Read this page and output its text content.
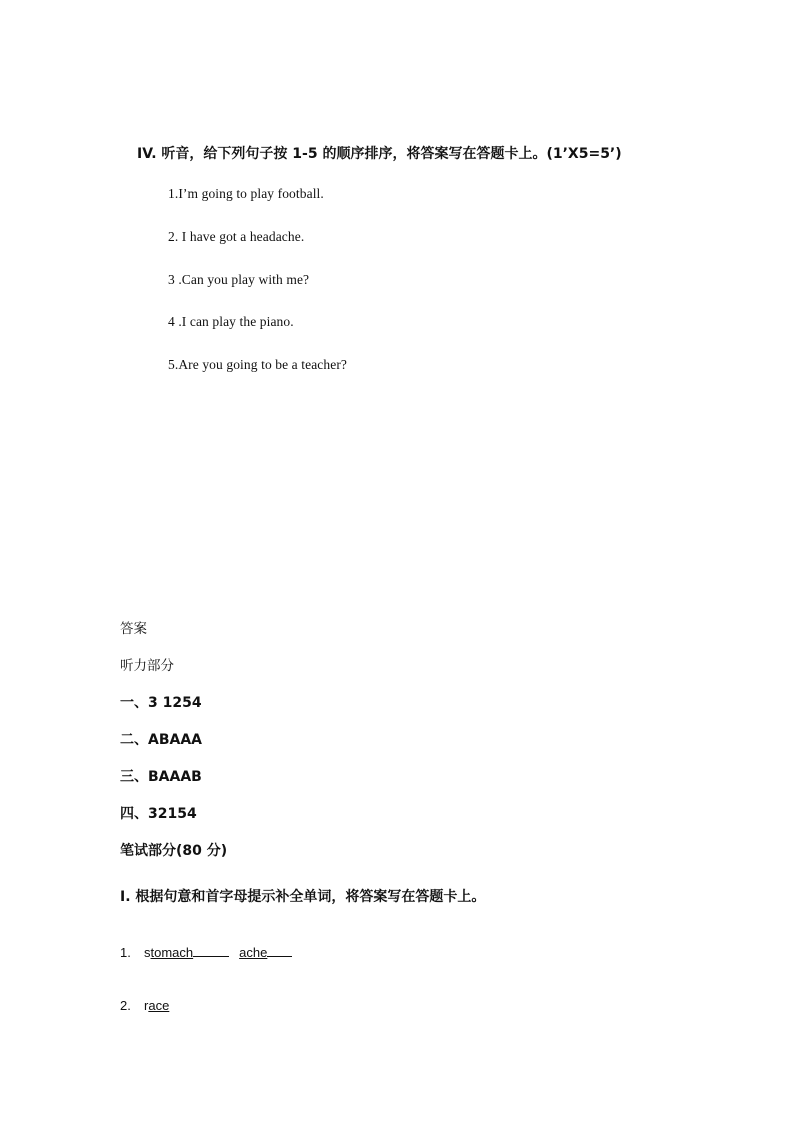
IV. 听音，给下列句子按 1-5 的顺序排序，将答案写在答题卡上。(1’X5=5’)
1.I’m going to play football.
2. I have got a headache.
3 .Can you play with me?
4 .I can play the piano.
5.Are you going to be a teacher?
答案
听力部分
一、3 1254
二、ABAAA
三、BAAAB
四、32154
笔试部分(80 分)
I. 根据句意和首字母提示补全单词，将答案写在答题卡上。
1. stomach	ache
2. race
